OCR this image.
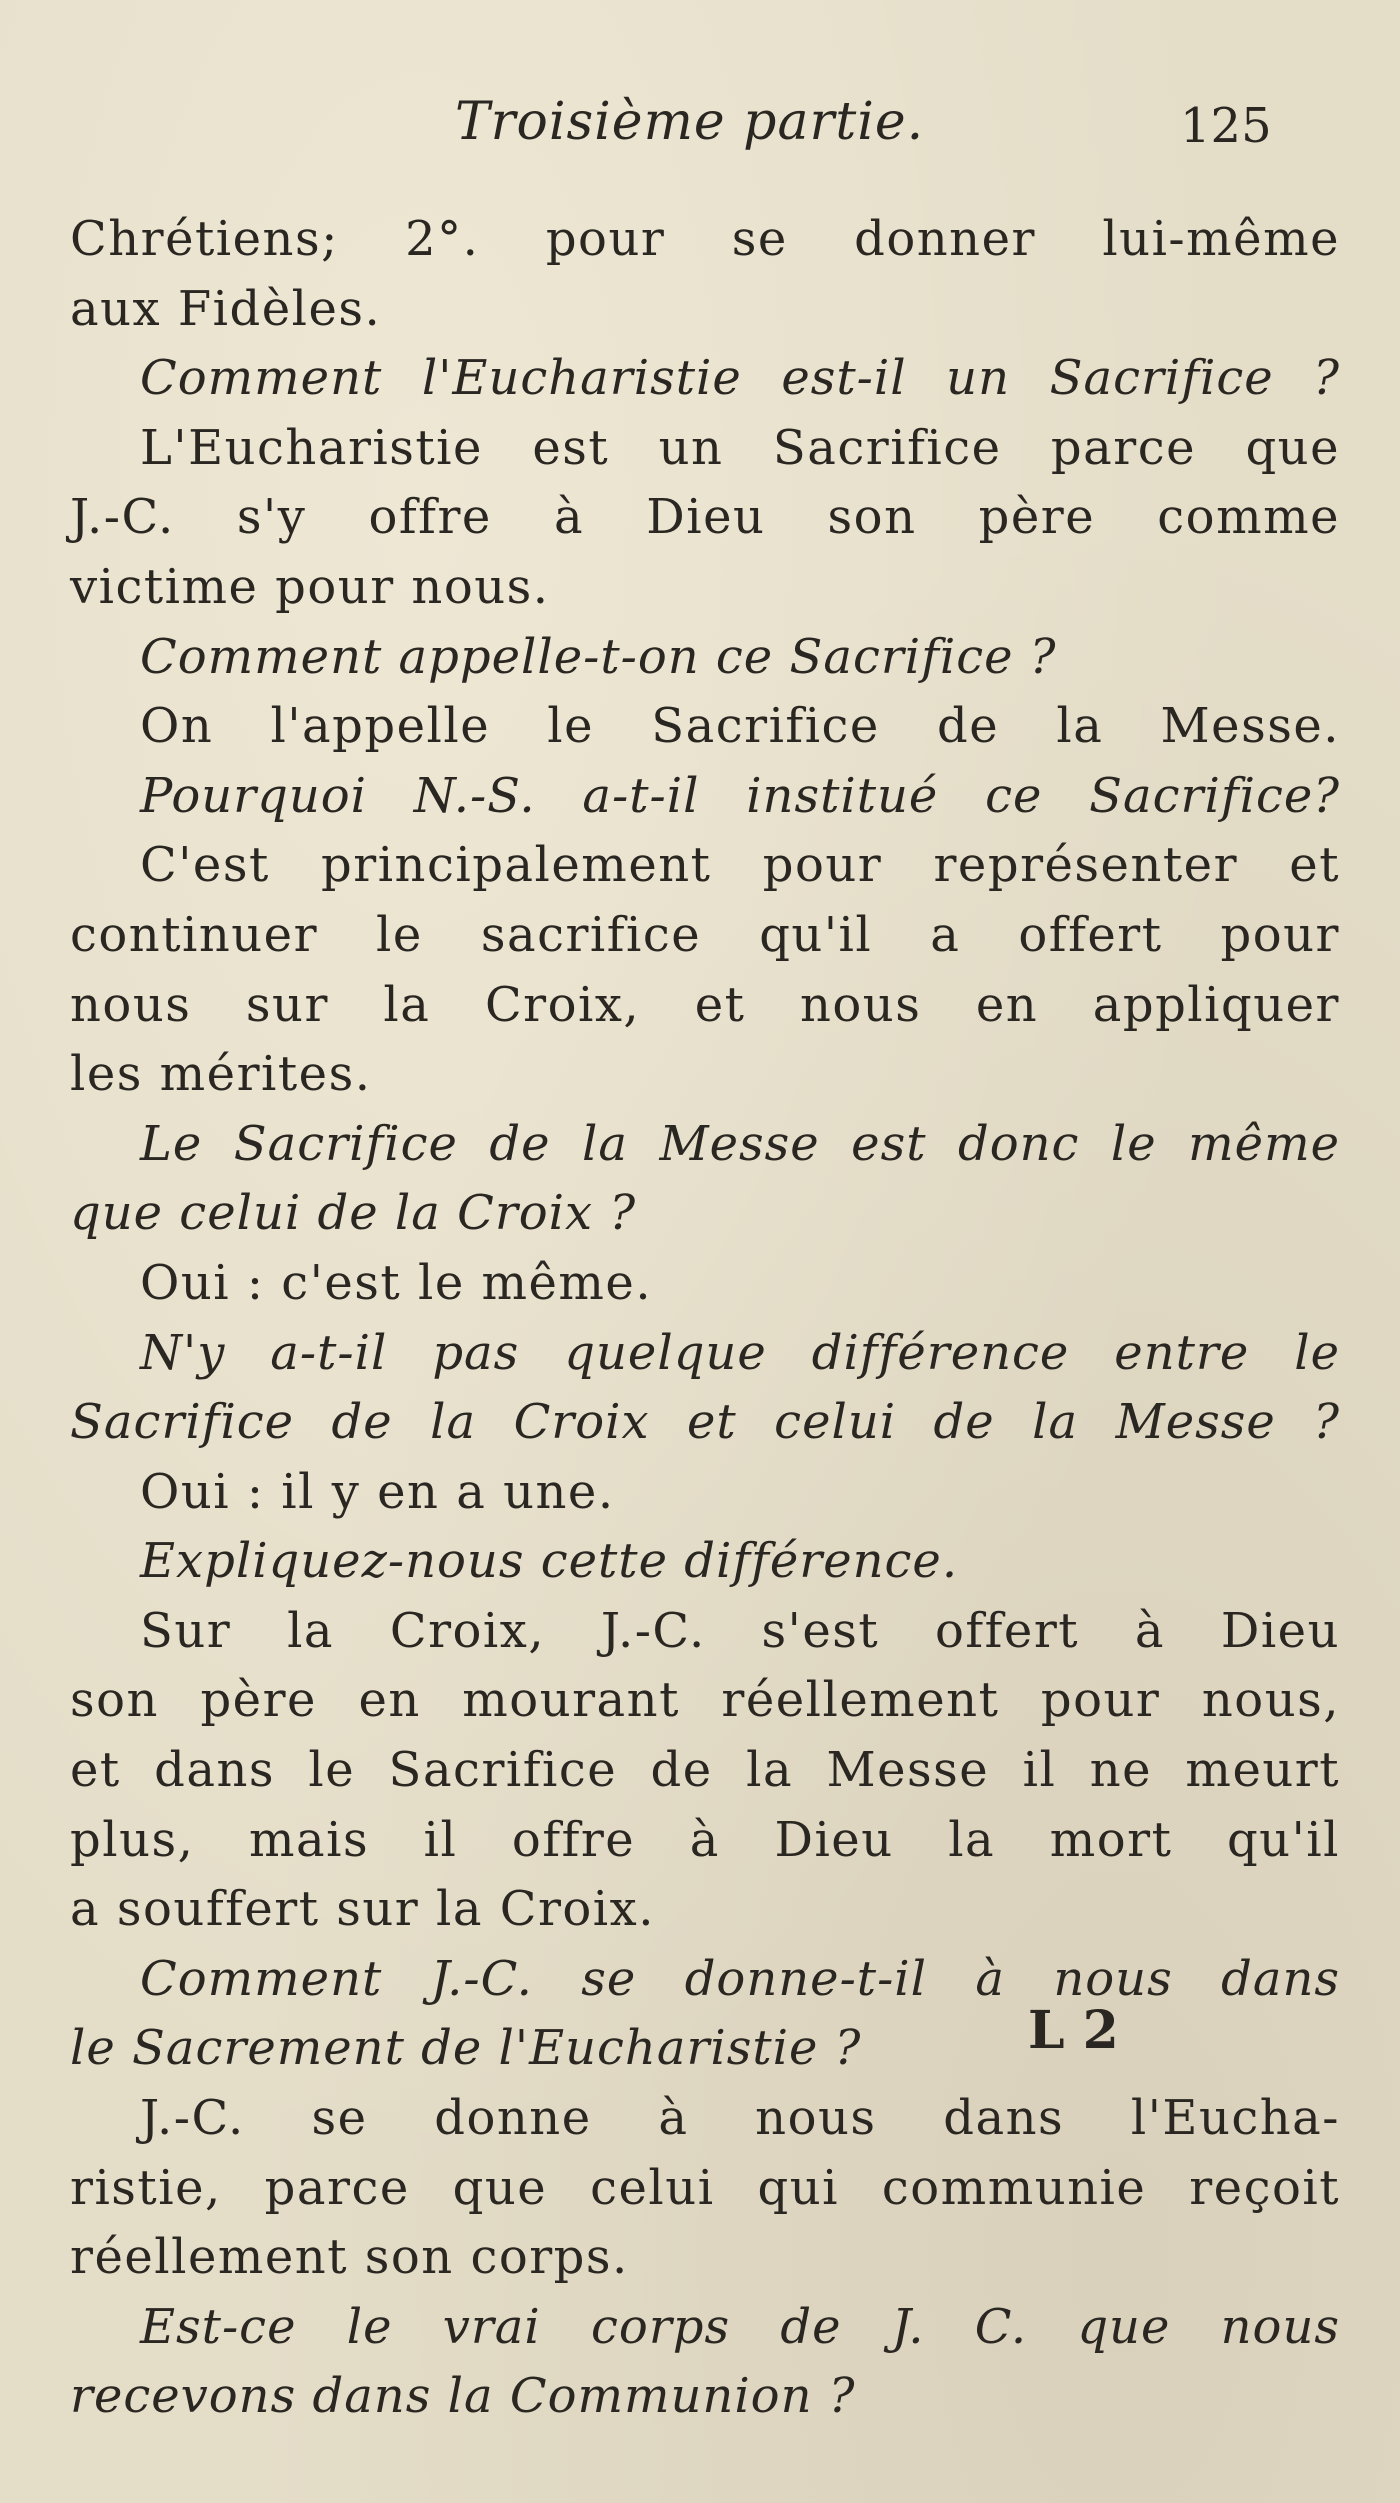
Troisième partie.	125
Chrétiens; 2°. pour se donner lui-même
aux Fidèles.
Comment l'Eucharistie est-il un Sacrifice ?
L'Eucharistie est un Sacrifice parce que
J.-C. s'y offre à Dieu son père comme
victime pour nous.
Comment appelle-t-on ce Sacrifice ?
On l'appelle le Sacrifice de la Messe.
Pourquoi N.-S. a-t-il institué ce Sacrifice?
C'est principalement pour représenter et
continuer le sacrifice qu'il a offert pour
nous sur la Croix, et nous en appliquer
les mérites.
Le Sacrifice de la Messe est donc le même
que celui de la Croix ?
Oui : c'est le même.
N'y a-t-il pas quelque différence entre le
Sacrifice de la Croix et celui de la Messe ?
Oui : il y en a une.
Expliquez-nous cette différence.
Sur la Croix, J.-C. s'est offert à Dieu
son père en mourant réellement pour nous,
et dans le Sacrifice de la Messe il ne meurt
plus, mais il offre à Dieu la mort qu'il
a souffert sur la Croix.
Comment J.-C. se donne-t-il à nous dans
le Sacrement de l'Eucharistie ?
J.-C. se donne à nous dans l'Eucha-
ristie, parce que celui qui communie reçoit
réellement son corps.
Est-ce le vrai corps de J. C. que nous
recevons dans la Communion ?
L 2
